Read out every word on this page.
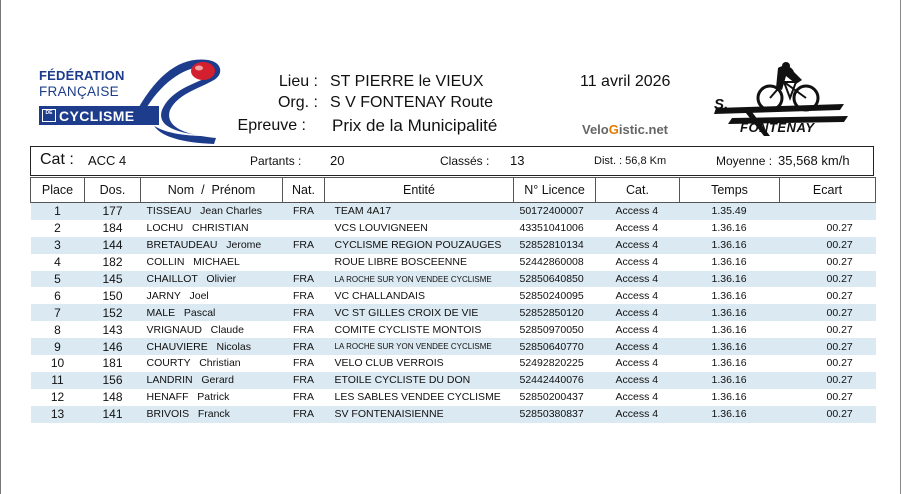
FÉDÉRATION
FRANÇAISE
DE CYCLISME
Lieu : ST PIERRE le VIEUX
Org. : S V FONTENAY Route
Epreuve : Prix de la Municipalité
11 avril 2026
VeloGistic.net
S.
FONTENAY
Cat : ACC 4	Partants : 20	Classés : 13	Dist. : 56,8 Km	Moyenne : 35,568 km/h
Place	Dos.	Nom  /  Prénom	Nat.	Entité	N° Licence	Cat.	Temps	Ecart
1	177	TISSEAU   Jean Charles	FRA	TEAM 4A17	50172400007	Access 4	1.35.49	
2	184	LOCHU   CHRISTIAN		VCS LOUVIGNEEN	43351041006	Access 4	1.36.16	00.27
3	144	BRETAUDEAU   Jerome	FRA	CYCLISME REGION POUZAUGES	52852810134	Access 4	1.36.16	00.27
4	182	COLLIN   MICHAEL		ROUE LIBRE BOSCEENNE	52442860008	Access 4	1.36.16	00.27
5	145	CHAILLOT   Olivier	FRA	LA ROCHE SUR YON VENDEE CYCLISME	52850640850	Access 4	1.36.16	00.27
6	150	JARNY   Joel	FRA	VC CHALLANDAIS	52850240095	Access 4	1.36.16	00.27
7	152	MALE   Pascal	FRA	VC ST GILLES CROIX DE VIE	52852850120	Access 4	1.36.16	00.27
8	143	VRIGNAUD   Claude	FRA	COMITE CYCLISTE MONTOIS	52850970050	Access 4	1.36.16	00.27
9	146	CHAUVIERE   Nicolas	FRA	LA ROCHE SUR YON VENDEE CYCLISME	52850640770	Access 4	1.36.16	00.27
10	181	COURTY   Christian	FRA	VELO CLUB VERROIS	52492820225	Access 4	1.36.16	00.27
11	156	LANDRIN   Gerard	FRA	ETOILE CYCLISTE DU DON	52442440076	Access 4	1.36.16	00.27
12	148	HENAFF   Patrick	FRA	LES SABLES VENDEE CYCLISME	52850200437	Access 4	1.36.16	00.27
13	141	BRIVOIS   Franck	FRA	SV FONTENAISIENNE	52850380837	Access 4	1.36.16	00.27
